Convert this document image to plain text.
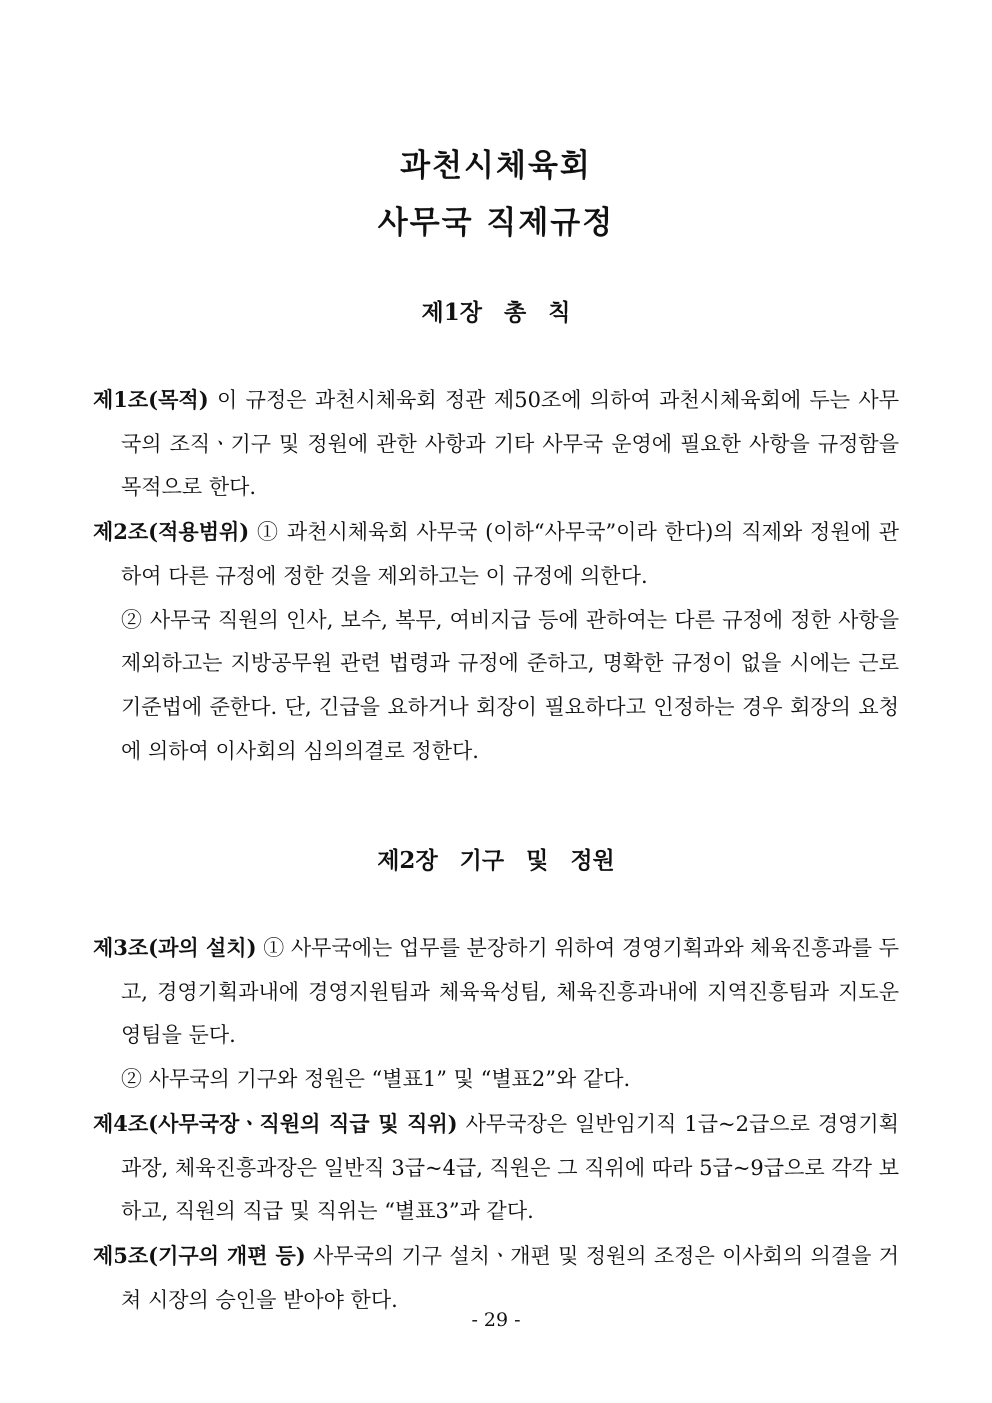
과천시체육회
사무국 직제규정
제1장 총 칙

제1조(목적) 이 규정은 과천시체육회 정관 제50조에 의하여 과천시체육회에 두는 사무국의 조직ㆍ기구 및 정원에 관한 사항과 기타 사무국 운영에 필요한 사항을 규정함을 목적으로 한다.

제2조(적용범위) ① 과천시체육회 사무국 (이하“사무국”이라 한다)의 직제와 정원에 관하여 다른 규정에 정한 것을 제외하고는 이 규정에 의한다.

② 사무국 직원의 인사, 보수, 복무, 여비지급 등에 관하여는 다른 규정에 정한 사항을 제외하고는 지방공무원 관련 법령과 규정에 준하고, 명확한 규정이 없을 시에는 근로기준법에 준한다. 단, 긴급을 요하거나 회장이 필요하다고 인정하는 경우 회장의 요청에 의하여 이사회의 심의의결로 정한다.

제2장 기구 및 정원

제3조(과의 설치) ① 사무국에는 업무를 분장하기 위하여 경영기획과와 체육진흥과를 두고, 경영기획과내에 경영지원팀과 체육육성팀, 체육진흥과내에 지역진흥팀과 지도운영팀을 둔다.

② 사무국의 기구와 정원은 “별표1” 및 “별표2”와 같다.

제4조(사무국장ㆍ직원의 직급 및 직위) 사무국장은 일반임기직 1급~2급으로 경영기획과장, 체육진흥과장은 일반직 3급~4급, 직원은 그 직위에 따라 5급~9급으로 각각 보하고, 직원의 직급 및 직위는 “별표3”과 같다.

제5조(기구의 개편 등) 사무국의 기구 설치ㆍ개편 및 정원의 조정은 이사회의 의결을 거쳐 시장의 승인을 받아야 한다.

- 29 -
